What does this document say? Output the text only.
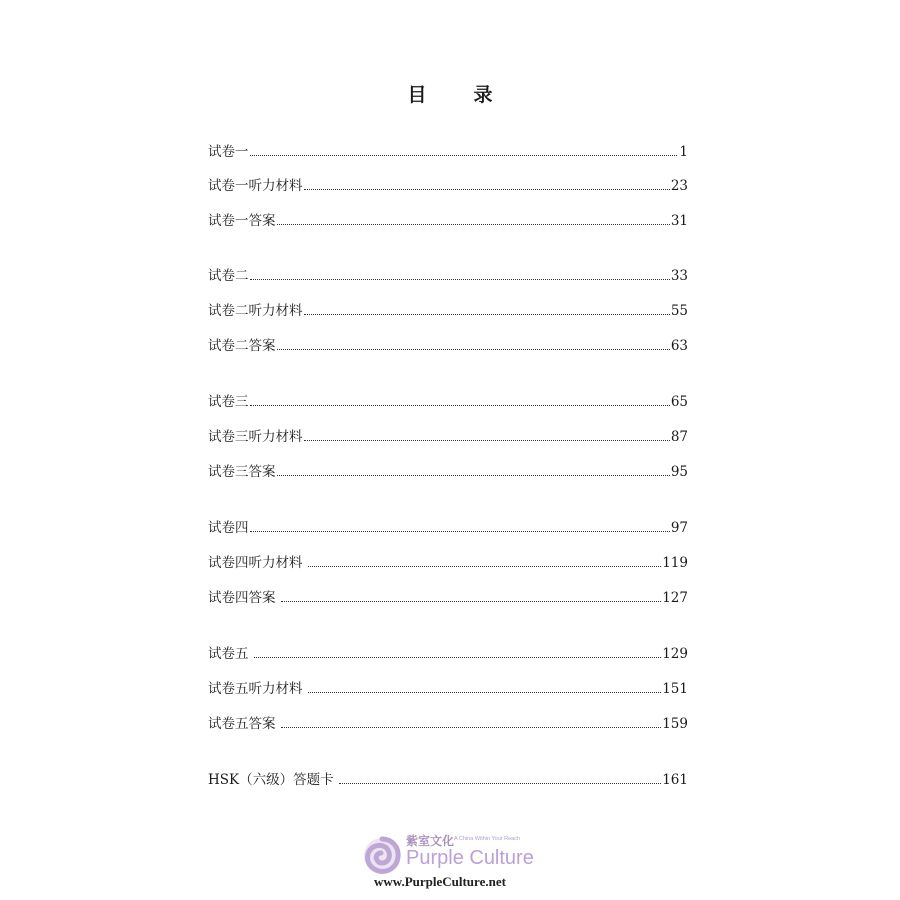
目　录
试卷一	1
试卷一听力材料	23
试卷一答案	31
试卷二	33
试卷二听力材料	55
试卷二答案	63
试卷三	65
试卷三听力材料	87
试卷三答案	95
试卷四	97
试卷四听力材料	119
试卷四答案	127
试卷五	129
试卷五听力材料	151
试卷五答案	159
HSK（六级）答题卡	161
紫室文化 A China Within Your Reach
Purple Culture
www.PurpleCulture.net
